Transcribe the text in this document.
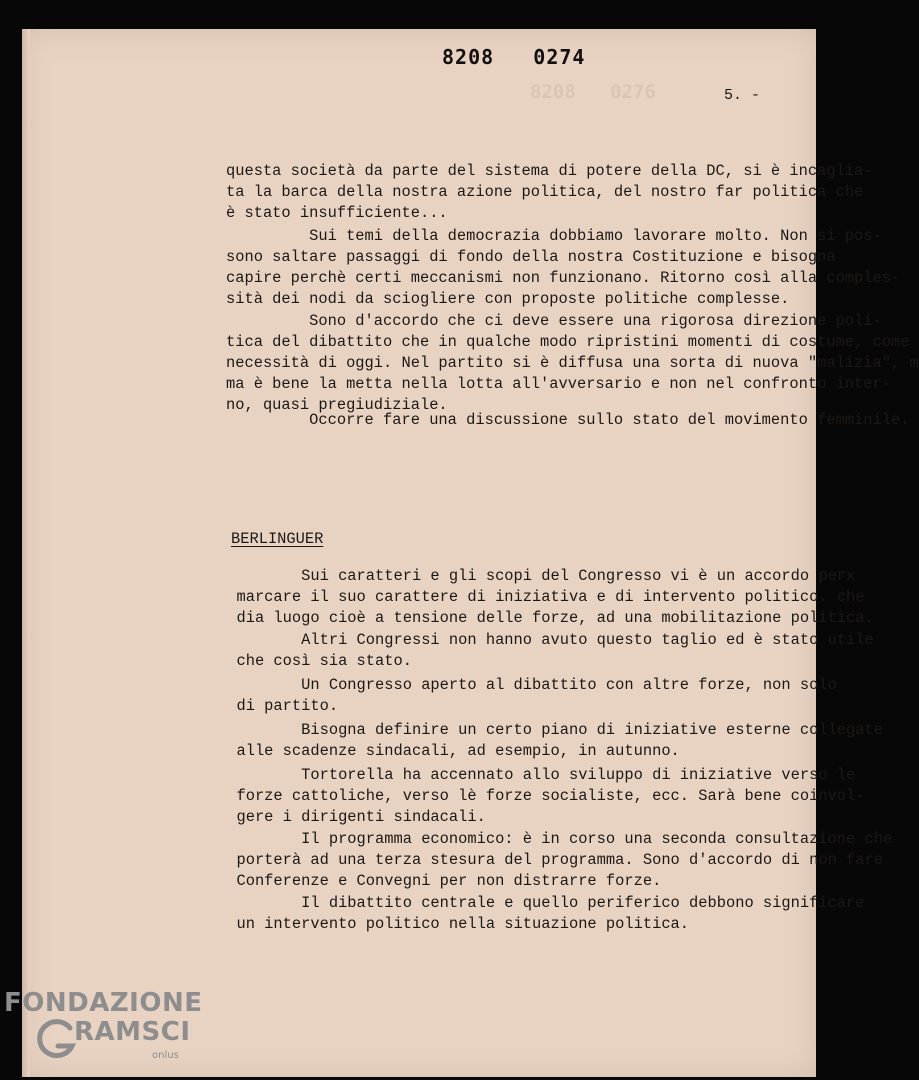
8208   0274
8208   0276	5. -

questa società da parte del sistema di potere della DC, si è incaglia-
ta la barca della nostra azione politica, del nostro far politica che
è stato insufficiente...

Sui temi della democrazia dobbiamo lavorare molto. Non si pos-
sono saltare passaggi di fondo della nostra Costituzione e bisogna
capire perchè certi meccanismi non funzionano. Ritorno così alla comples-
sità dei nodi da sciogliere con proposte politiche complesse.

Sono d'accordo che ci deve essere una rigorosa direzione poli-
tica del dibattito che in qualche modo ripristini momenti di costume, come
necessità di oggi. Nel partito si è diffusa una sorta di nuova "malizia", m
ma è bene la metta nella lotta all'avversario e non nel confronto inter-
no, quasi pregiudiziale.

Occorre fare una discussione sullo stato del movimento femminile.

BERLINGUER

Sui caratteri e gli scopi del Congresso vi è un accordo perx
marcare il suo carattere di iniziativa e di intervento politico. che
dia luogo cioè a tensione delle forze, ad una mobilitazione politica.

Altri Congressi non hanno avuto questo taglio ed è stato utile
che così sia stato.

Un Congresso aperto al dibattito con altre forze, non solo
di partito.

Bisogna definire un certo piano di iniziative esterne collegate
alle scadenze sindacali, ad esempio, in autunno.

Tortorella ha accennato allo sviluppo di iniziative verso le
forze cattoliche, verso lè forze socialiste, ecc. Sarà bene coinvol-
gere i dirigenti sindacali.

Il programma economico: è in corso una seconda consultazione che
porterà ad una terza stesura del programma. Sono d'accordo di non fare
Conferenze e Convegni per non distrarre forze.

Il dibattito centrale e quello periferico debbono significare
un intervento politico nella situazione politica.

FONDAZIONE
RAMSCI
onlus
